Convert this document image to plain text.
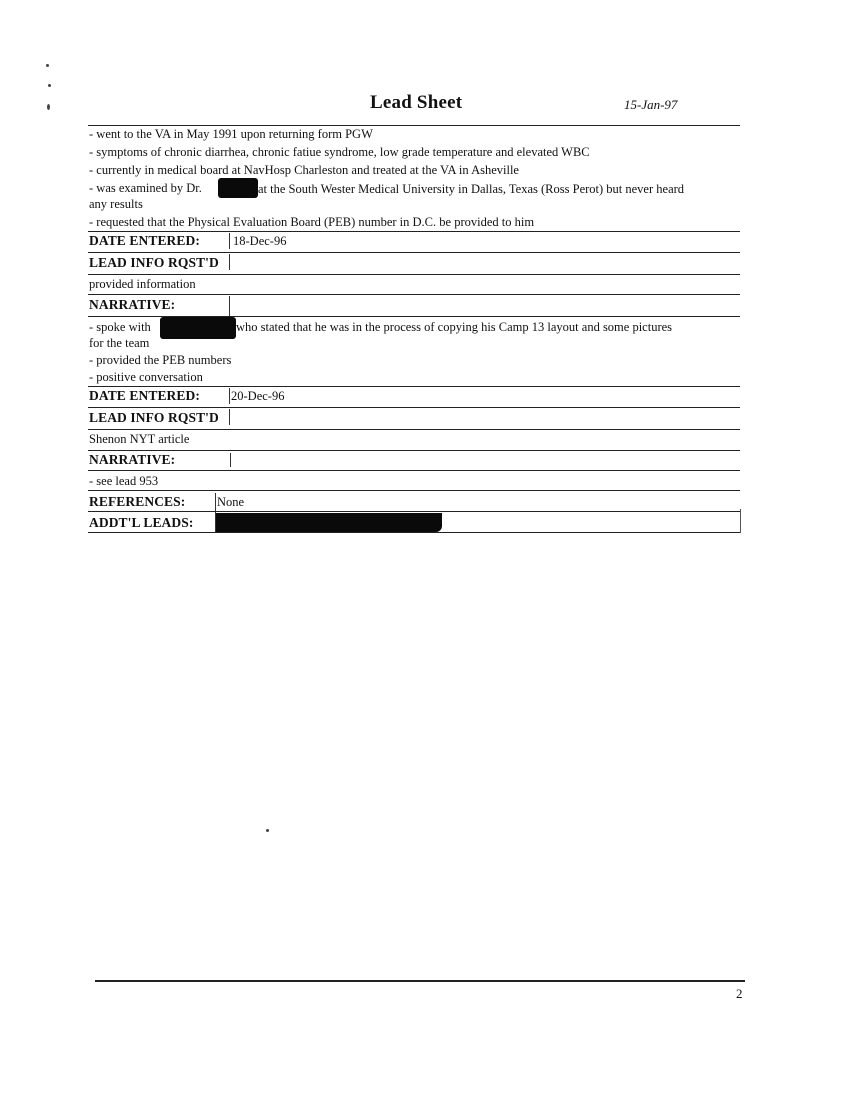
Lead Sheet	15-Jan-97
- went to the VA in May 1991 upon returning form PGW
- symptoms of chronic diarrhea, chronic fatiue syndrome, low grade temperature and elevated WBC
- currently in medical board at NavHosp Charleston and treated at the VA in Asheville
- was examined by Dr.	at the South Wester Medical University in Dallas, Texas (Ross Perot) but never heard
any results
- requested that the Physical Evaluation Board (PEB) number in D.C. be provided to him
DATE ENTERED:	18-Dec-96
LEAD INFO RQST'D
provided information
NARRATIVE:
- spoke with	who stated that he was in the process of copying his Camp 13 layout and some pictures
for the team
- provided the PEB numbers
- positive conversation
DATE ENTERED: 20-Dec-96
LEAD INFO RQST'D
Shenon NYT article
NARRATIVE:
- see lead 953
REFERENCES:	None
ADDT'L LEADS:
2
